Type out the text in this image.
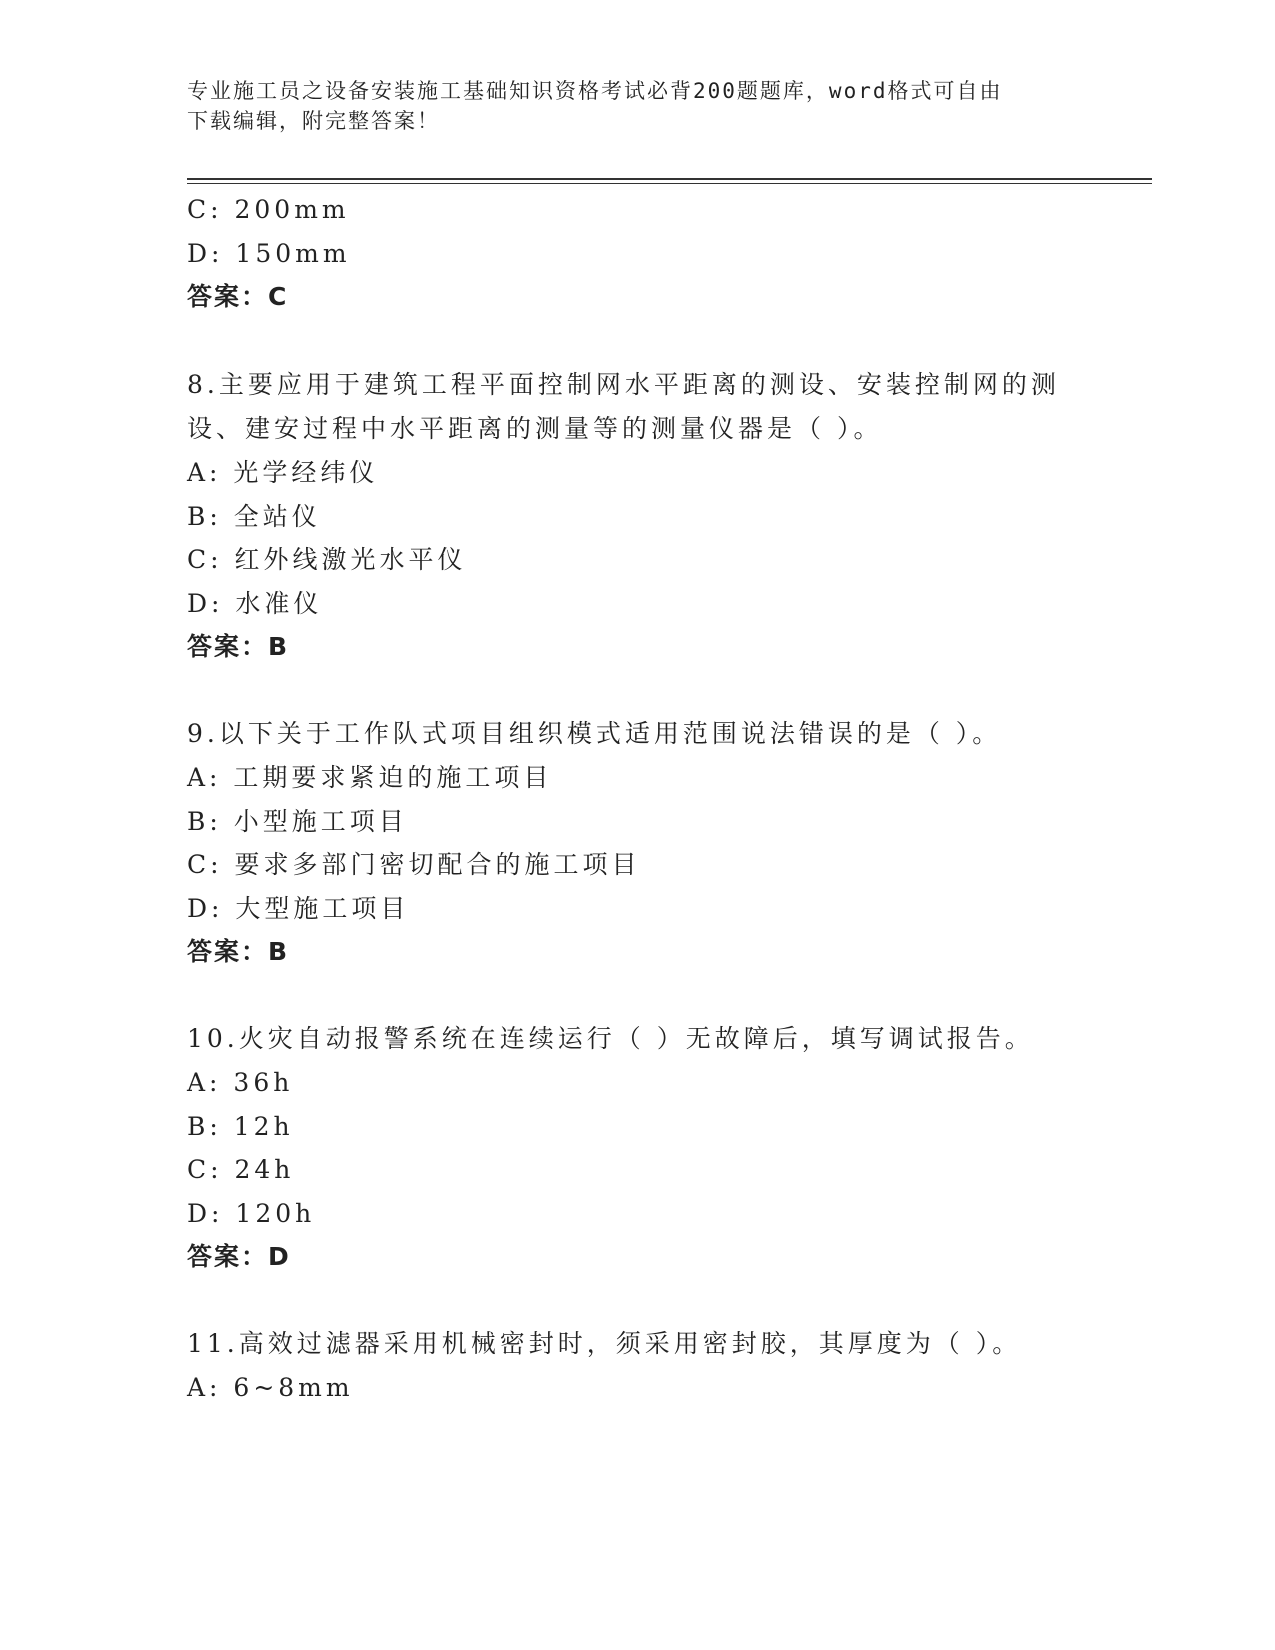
专业施工员之设备安装施工基础知识资格考试必背200题题库，word格式可自由
下载编辑，附完整答案！
C: 200mm
D: 150mm
答案：C
8.主要应用于建筑工程平面控制网水平距离的测设、安装控制网的测
设、建安过程中水平距离的测量等的测量仪器是（ ）。
A: 光学经纬仪
B: 全站仪
C: 红外线激光水平仪
D: 水准仪
答案：B
9.以下关于工作队式项目组织模式适用范围说法错误的是（ ）。
A: 工期要求紧迫的施工项目
B: 小型施工项目
C: 要求多部门密切配合的施工项目
D: 大型施工项目
答案：B
10.火灾自动报警系统在连续运行（ ）无故障后，填写调试报告。
A: 36h
B: 12h
C: 24h
D: 120h
答案：D
11.高效过滤器采用机械密封时，须采用密封胶，其厚度为（ ）。
A: 6~8mm
